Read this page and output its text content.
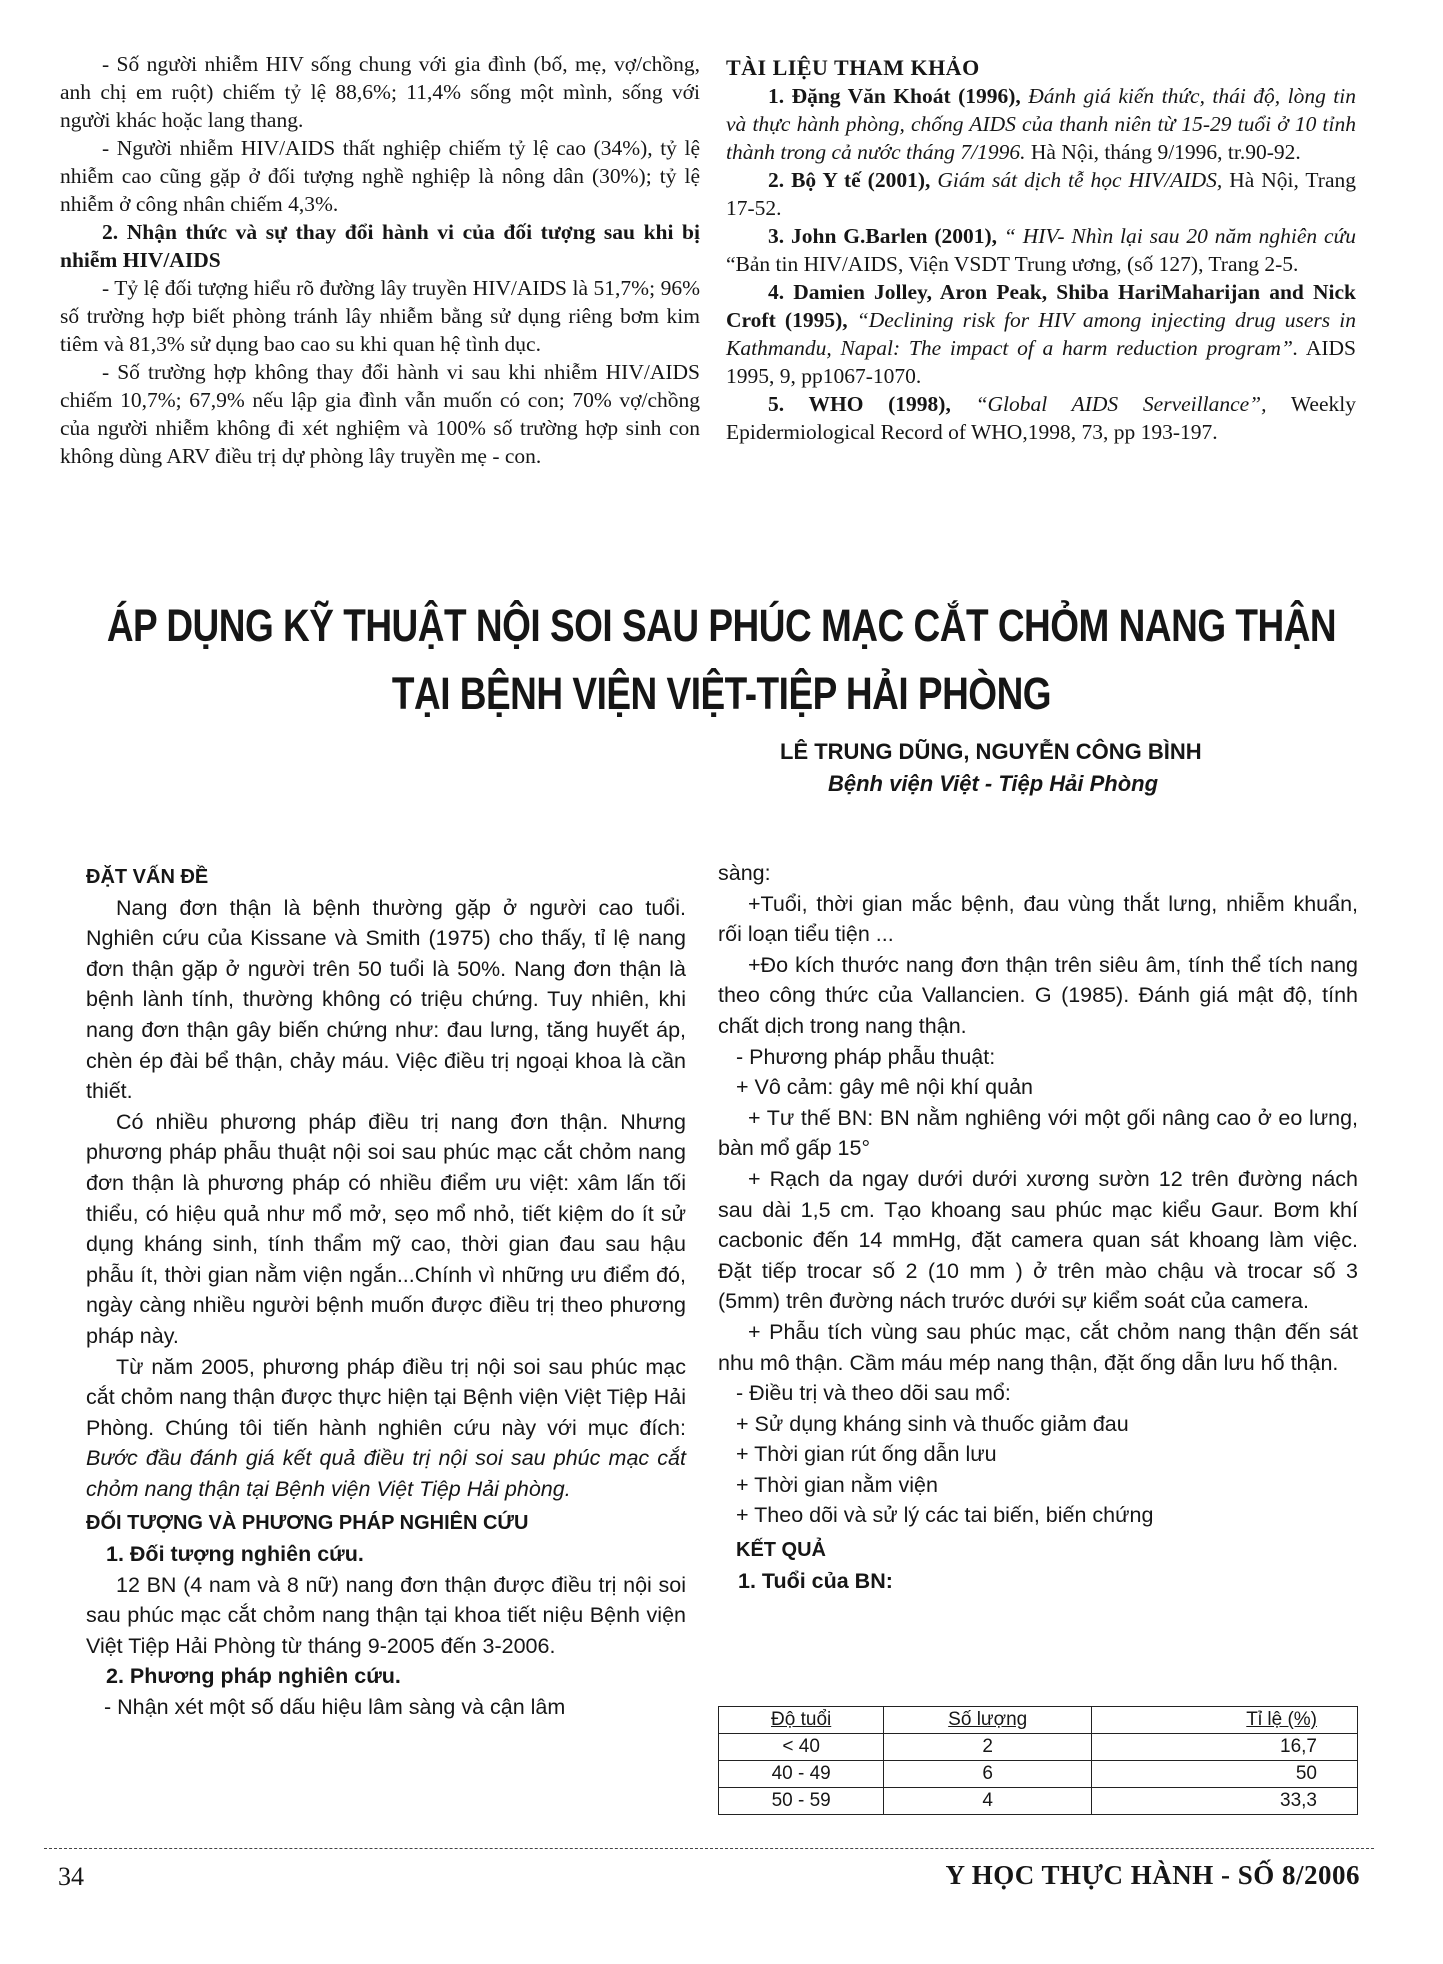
- Số người nhiễm HIV sống chung với gia đình (bố, mẹ, vợ/chồng, anh chị em ruột) chiếm tỷ lệ 88,6%; 11,4% sống một mình, sống với người khác hoặc lang thang.

- Người nhiễm HIV/AIDS thất nghiệp chiếm tỷ lệ cao (34%), tỷ lệ nhiễm cao cũng gặp ở đối tượng nghề nghiệp là nông dân (30%); tỷ lệ nhiễm ở công nhân chiếm 4,3%.

2. Nhận thức và sự thay đổi hành vi của đối tượng sau khi bị nhiễm HIV/AIDS

- Tỷ lệ đối tượng hiểu rõ đường lây truyền HIV/AIDS là 51,7%; 96% số trường hợp biết phòng tránh lây nhiễm bằng sử dụng riêng bơm kim tiêm và 81,3% sử dụng bao cao su khi quan hệ tình dục.

- Số trường hợp không thay đổi hành vi sau khi nhiễm HIV/AIDS chiếm 10,7%; 67,9% nếu lập gia đình vẫn muốn có con; 70% vợ/chồng của người nhiễm không đi xét nghiệm và 100% số trường hợp sinh con không dùng ARV điều trị dự phòng lây truyền mẹ - con.

TÀI LIỆU THAM KHẢO

1. Đặng Văn Khoát (1996), Đánh giá kiến thức, thái độ, lòng tin và thực hành phòng, chống AIDS của thanh niên từ 15-29 tuổi ở 10 tỉnh thành trong cả nước tháng 7/1996. Hà Nội, tháng 9/1996, tr.90-92.

2. Bộ Y tế (2001), Giám sát dịch tễ học HIV/AIDS, Hà Nội, Trang 17-52.

3. John G.Barlen (2001), “ HIV- Nhìn lại sau 20 năm nghiên cứu “Bản tin HIV/AIDS, Viện VSDT Trung ương, (số 127), Trang 2-5.

4. Damien Jolley, Aron Peak, Shiba HariMaharijan and Nick Croft (1995), “Declining risk for HIV among injecting drug users in Kathmandu, Napal: The impact of a harm reduction program”. AIDS 1995, 9, pp1067-1070.

5. WHO (1998), “Global AIDS Serveillance”, Weekly Epidermiological Record of WHO,1998, 73, pp 193-197.

ÁP DỤNG KỸ THUẬT NỘI SOI SAU PHÚC MẠC CẮT CHỎM NANG THẬN
TẠI BỆNH VIỆN VIỆT-TIỆP HẢI PHÒNG
LÊ TRUNG DŨNG, NGUYỄN CÔNG BÌNH
Bệnh viện Việt - Tiệp Hải Phòng
ĐẶT VẤN ĐỀ

Nang đơn thận là bệnh thường gặp ở người cao tuổi. Nghiên cứu của Kissane và Smith (1975) cho thấy, tỉ lệ nang đơn thận gặp ở người trên 50 tuổi là 50%. Nang đơn thận là bệnh lành tính, thường không có triệu chứng. Tuy nhiên, khi nang đơn thận gây biến chứng như: đau lưng, tăng huyết áp, chèn ép đài bể thận, chảy máu. Việc điều trị ngoại khoa là cần thiết.

Có nhiều phương pháp điều trị nang đơn thận. Nhưng phương pháp phẫu thuật nội soi sau phúc mạc cắt chỏm nang đơn thận là phương pháp có nhiều điểm ưu việt: xâm lấn tối thiểu, có hiệu quả như mổ mở, sẹo mổ nhỏ, tiết kiệm do ít sử dụng kháng sinh, tính thẩm mỹ cao, thời gian đau sau hậu phẫu ít, thời gian nằm viện ngắn...Chính vì những ưu điểm đó, ngày càng nhiều người bệnh muốn được điều trị theo phương pháp này.

Từ năm 2005, phương pháp điều trị nội soi sau phúc mạc cắt chỏm nang thận được thực hiện tại Bệnh viện Việt Tiệp Hải Phòng. Chúng tôi tiến hành nghiên cứu này với mục đích: Bước đầu đánh giá kết quả điều trị nội soi sau phúc mạc cắt chỏm nang thận tại Bệnh viện Việt Tiệp Hải phòng.

ĐỐI TƯỢNG VÀ PHƯƠNG PHÁP NGHIÊN CỨU

1. Đối tượng nghiên cứu.

12 BN (4 nam và 8 nữ) nang đơn thận được điều trị nội soi sau phúc mạc cắt chỏm nang thận tại khoa tiết niệu Bệnh viện Việt Tiệp Hải Phòng từ tháng 9-2005 đến 3-2006.

2. Phương pháp nghiên cứu.

- Nhận xét một số dấu hiệu lâm sàng và cận lâm

sàng:

+Tuổi, thời gian mắc bệnh, đau vùng thắt lưng, nhiễm khuẩn, rối loạn tiểu tiện ...

+Đo kích thước nang đơn thận trên siêu âm, tính thể tích nang theo công thức của Vallancien. G (1985). Đánh giá mật độ, tính chất dịch trong nang thận.

- Phương pháp phẫu thuật:

+ Vô cảm: gây mê nội khí quản

+ Tư thế BN: BN nằm nghiêng với một gối nâng cao ở eo lưng, bàn mổ gấp 15°

+ Rạch da ngay dưới dưới xương sườn 12 trên đường nách sau dài 1,5 cm. Tạo khoang sau phúc mạc kiểu Gaur. Bơm khí cacbonic đến 14 mmHg, đặt camera quan sát khoang làm việc. Đặt tiếp trocar số 2 (10 mm ) ở trên mào chậu và trocar số 3 (5mm) trên đường nách trước dưới sự kiểm soát của camera.

+ Phẫu tích vùng sau phúc mạc, cắt chỏm nang thận đến sát nhu mô thận. Cầm máu mép nang thận, đặt ống dẫn lưu hố thận.

- Điều trị và theo dõi sau mổ:

+ Sử dụng kháng sinh và thuốc giảm đau

+ Thời gian rút ống dẫn lưu

+ Thời gian nằm viện

+ Theo dõi và sử lý các tai biến, biến chứng

KẾT QUẢ

1. Tuổi của BN:

Độ tuổi	Số lượng	Tỉ lệ (%)
< 40	2	16,7
40 - 49	6	50
50 - 59	4	33,3
34	Y HỌC THỰC HÀNH - SỐ 8/2006
